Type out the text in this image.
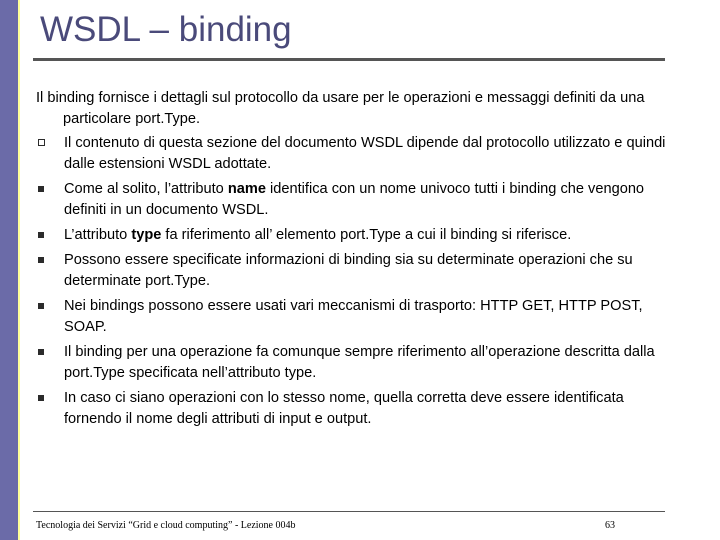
WSDL – binding

Il binding fornisce i dettagli sul protocollo da usare per le operazioni e messaggi definiti da una particolare port.Type.

Il contenuto di questa sezione del documento WSDL dipende dal protocollo utilizzato e quindi dalle estensioni WSDL adottate.
Come al solito, l’attributo name identifica con un nome univoco tutti i binding che vengono definiti in un documento WSDL.
L’attributo type fa riferimento all’ elemento port.Type a cui il binding si riferisce.
Possono essere specificate informazioni di binding sia su determinate operazioni che su determinate port.Type.
Nei bindings possono essere usati vari meccanismi di trasporto: HTTP GET, HTTP POST, SOAP.
Il binding per una operazione fa comunque sempre riferimento all’operazione descritta dalla port.Type specificata nell’attributo type.
In caso ci siano operazioni con lo stesso nome, quella corretta deve essere identificata fornendo il nome degli attributi di input e output.
Tecnologia dei Servizi “Grid e cloud computing” - Lezione 004b	63
